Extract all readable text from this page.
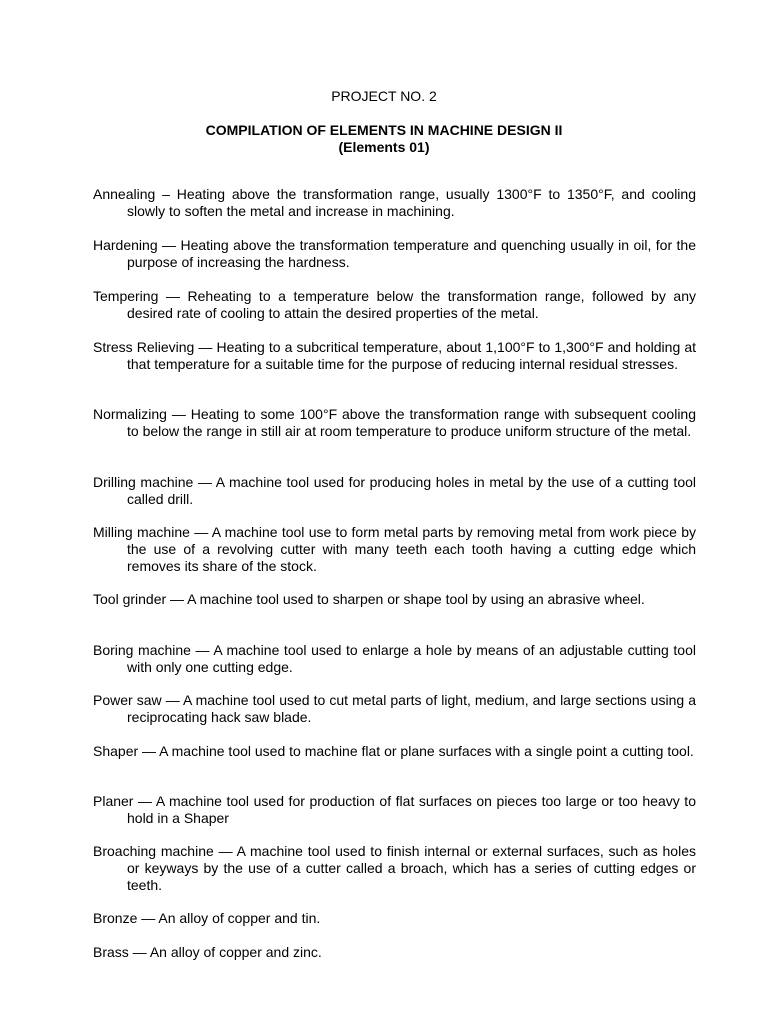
PROJECT NO. 2
COMPILATION OF ELEMENTS IN MACHINE DESIGN II
(Elements 01)
Annealing – Heating above the transformation range, usually 1300°F to 1350°F, and cooling slowly to soften the metal and increase in machining.
Hardening — Heating above the transformation temperature and quenching usually in oil, for the purpose of increasing the hardness.
Tempering — Reheating to a temperature below the transformation range, followed by any desired rate of cooling to attain the desired properties of the metal.
Stress Relieving — Heating to a subcritical temperature, about 1,100°F to 1,300°F and holding at that temperature for a suitable time for the purpose of reducing internal residual stresses.
Normalizing — Heating to some 100°F above the transformation range with subsequent cooling to below the range in still air at room temperature to produce uniform structure of the metal.
Drilling machine — A machine tool used for producing holes in metal by the use of a cutting tool called drill.
Milling machine — A machine tool use to form metal parts by removing metal from work piece by the use of a revolving cutter with many teeth each tooth having a cutting edge which removes its share of the stock.
Tool grinder — A machine tool used to sharpen or shape tool by using an abrasive wheel.
Boring machine — A machine tool used to enlarge a hole by means of an adjustable cutting tool with only one cutting edge.
Power saw — A machine tool used to cut metal parts of light, medium, and large sections using a reciprocating hack saw blade.
Shaper — A machine tool used to machine flat or plane surfaces with a single point a cutting tool.
Planer — A machine tool used for production of flat surfaces on pieces too large or too heavy to hold in a Shaper
Broaching machine — A machine tool used to finish internal or external surfaces, such as holes or keyways by the use of a cutter called a broach, which has a series of cutting edges or teeth.
Bronze — An alloy of copper and tin.
Brass — An alloy of copper and zinc.
